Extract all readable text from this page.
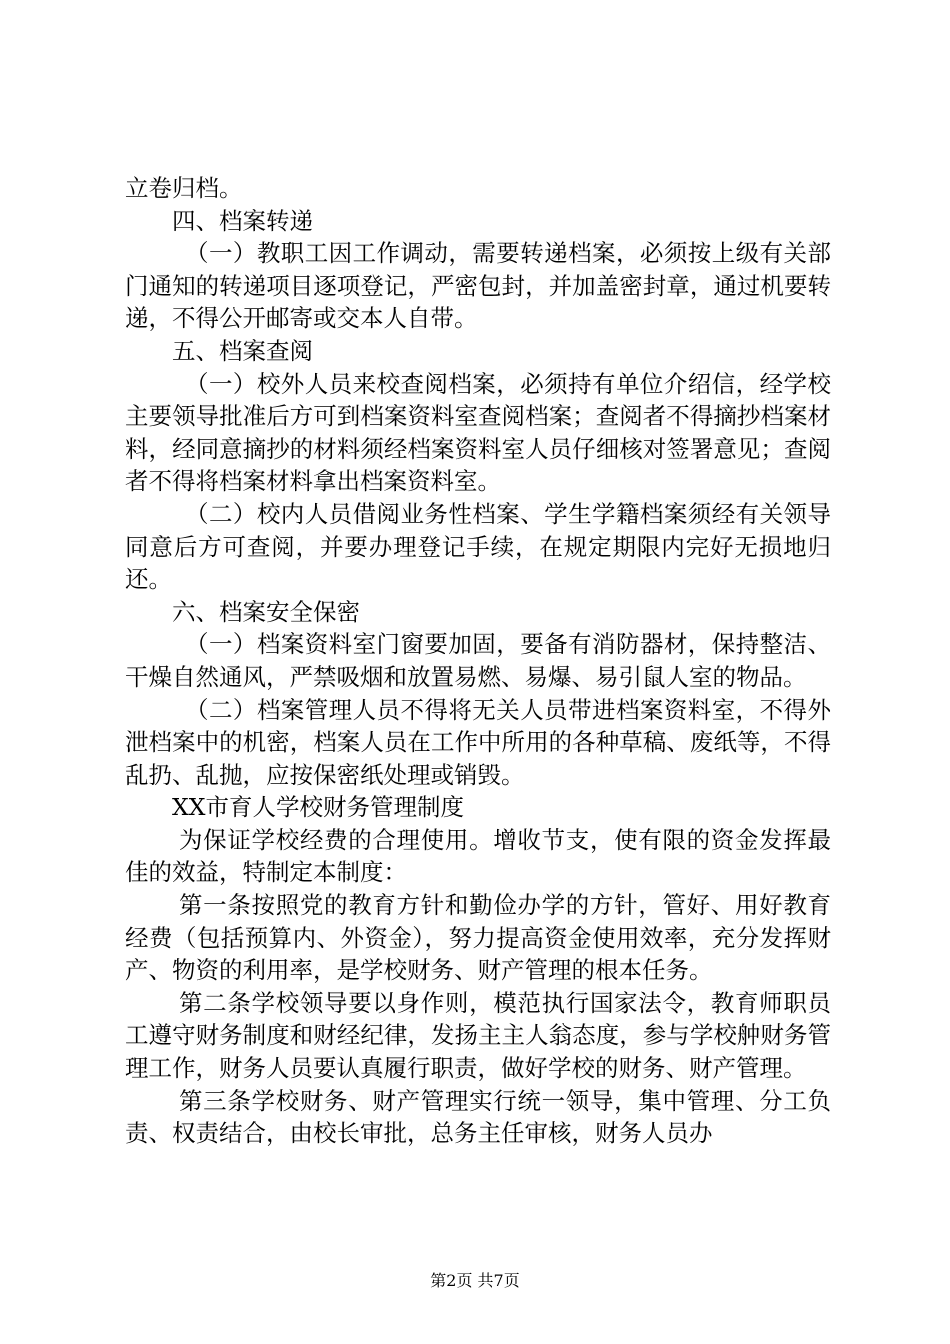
立卷归档。

四、档案转递

（一）教职工因工作调动，需要转递档案，必须按上级有关部门通知的转递项目逐项登记，严密包封，并加盖密封章，通过机要转递，不得公开邮寄或交本人自带。

五、档案查阅

（一）校外人员来校查阅档案，必须持有单位介绍信，经学校主要领导批准后方可到档案资料室查阅档案；查阅者不得摘抄档案材料，经同意摘抄的材料须经档案资料室人员仔细核对签署意见；查阅者不得将档案材料拿出档案资料室。

（二）校内人员借阅业务性档案、学生学籍档案须经有关领导同意后方可查阅，并要办理登记手续，在规定期限内完好无损地归还。

六、档案安全保密

（一）档案资料室门窗要加固，要备有消防器材，保持整洁、干燥自然通风，严禁吸烟和放置易燃、易爆、易引鼠人室的物品。

（二）档案管理人员不得将无关人员带进档案资料室，不得外泄档案中的机密，档案人员在工作中所用的各种草稿、废纸等，不得乱扔、乱抛，应按保密纸处理或销毁。

XX市育人学校财务管理制度

为保证学校经费的合理使用。增收节支，使有限的资金发挥最佳的效益，特制定本制度：

第一条按照党的教育方针和勤俭办学的方针，管好、用好教育经费（包括预算内、外资金），努力提高资金使用效率，充分发挥财产、物资的利用率，是学校财务、财产管理的根本任务。

第二条学校领导要以身作则，模范执行国家法令，教育师职员工遵守财务制度和财经纪律，发扬主主人翁态度，参与学校舯财务管理工作，财务人员要认真履行职责，做好学校的财务、财产管理。

第三条学校财务、财产管理实行统一领导，集中管理、分工负责、权责结合，由校长审批，总务主任审核，财务人员办

第2页 共7页
